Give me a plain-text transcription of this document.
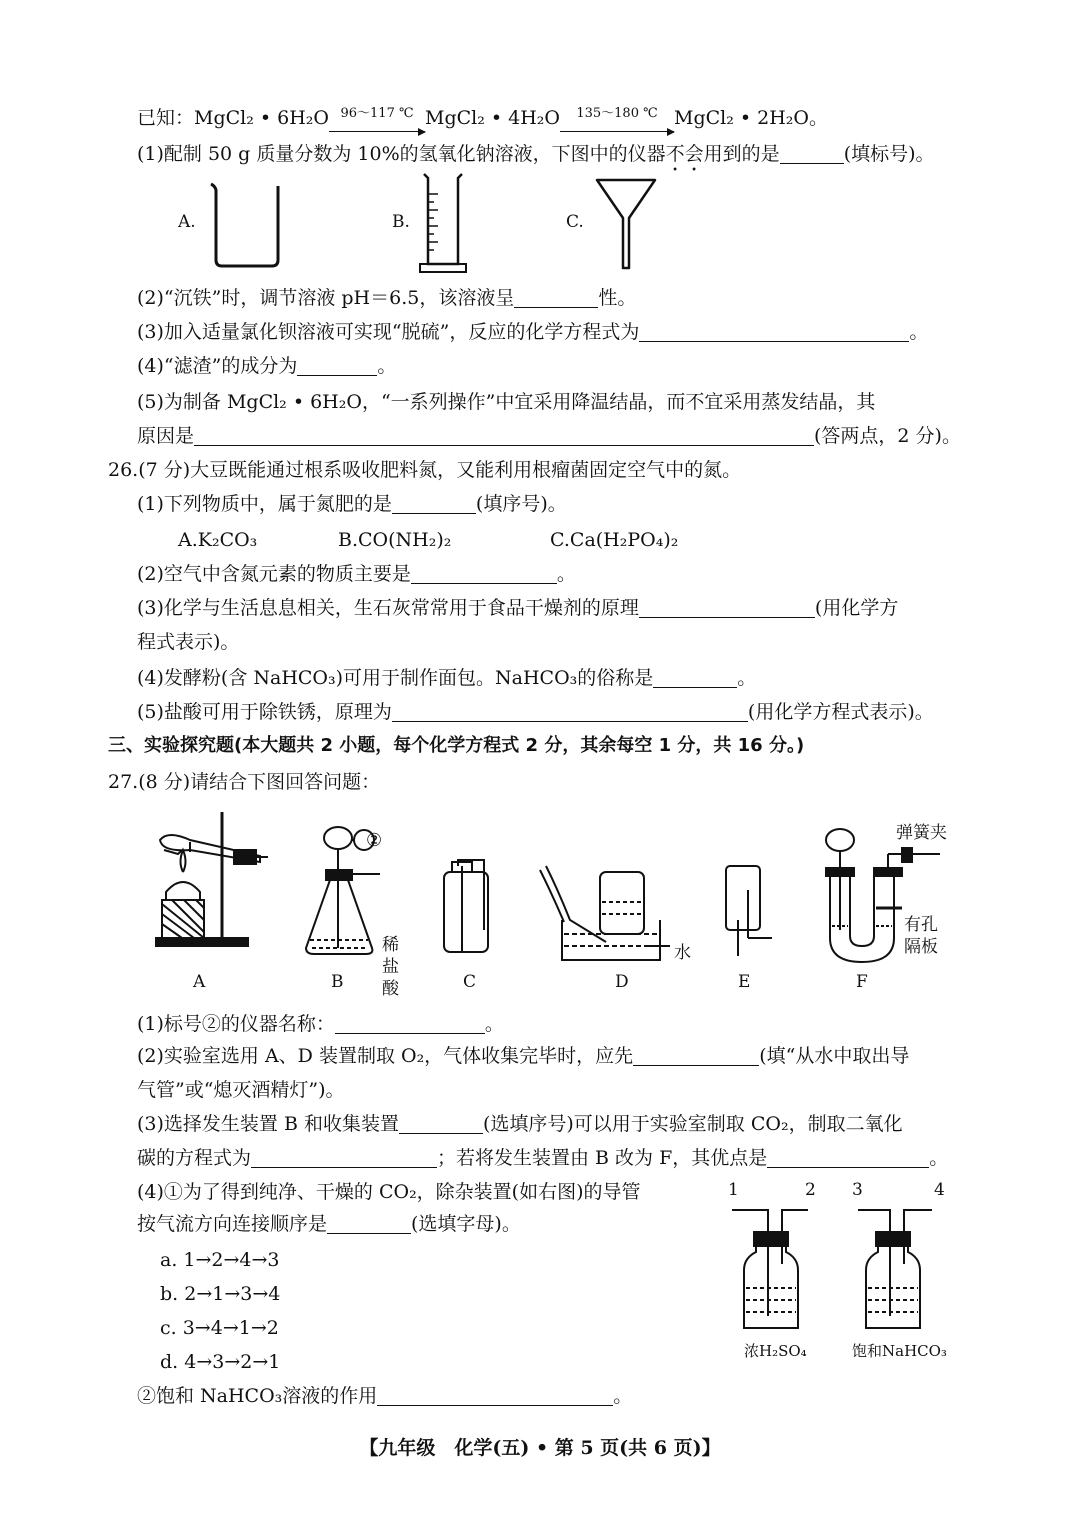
已知：MgCl₂ • 6H₂O 96～117 ℃ MgCl₂ • 4H₂O	135～180 ℃ MgCl₂ • 2H₂O。
(1)配制 50 g 质量分数为 10%的氢氧化钠溶液，下图中的仪器不会用到的是	(填标号)。
A.	B.	C.
(2)“沉铁”时，调节溶液 pH＝6.5，该溶液呈	性。
(3)加入适量氯化钡溶液可实现“脱硫”，反应的化学方程式为	。
(4)“滤渣”的成分为	。
(5)为制备 MgCl₂ • 6H₂O，“一系列操作”中宜采用降温结晶，而不宜采用蒸发结晶，其
原因是	(答两点，2 分)。
26.(7 分)大豆既能通过根系吸收肥料氮，又能利用根瘤菌固定空气中的氮。
(1)下列物质中，属于氮肥的是	(填序号)。
A.K₂CO₃	B.CO(NH₂)₂	C.Ca(H₂PO₄)₂
(2)空气中含氮元素的物质主要是	。
(3)化学与生活息息相关，生石灰常常用于食品干燥剂的原理	(用化学方
程式表示)。
(4)发酵粉(含 NaHCO₃)可用于制作面包。NaHCO₃的俗称是	。
(5)盐酸可用于除铁锈，原理为	(用化学方程式表示)。
三、实验探究题(本大题共 2 小题，每个化学方程式 2 分，其余每空 1 分，共 16 分。)
27.(8 分)请结合下图回答问题：
A	B	C	D	E	F
②
稀
盐
酸
水
弹簧夹
有孔
隔板
(1)标号②的仪器名称：	。
(2)实验室选用 A、D 装置制取 O₂，气体收集完毕时，应先	(填“从水中取出导
气管”或“熄灭酒精灯”)。
(3)选择发生装置 B 和收集装置	(选填序号)可以用于实验室制取 CO₂，制取二氧化
碳的方程式为	；若将发生装置由 B 改为 F，其优点是	。
(4)①为了得到纯净、干燥的 CO₂，除杂装置(如右图)的导管
按气流方向连接顺序是	(选填字母)。
a. 1→2→4→3
b. 2→1→3→4
c. 3→4→1→2
d. 4→3→2→1
②饱和 NaHCO₃溶液的作用	。
1	2 3	4
浓H₂SO₄	饱和NaHCO₃
【九年级　化学(五) • 第 5 页(共 6 页)】
